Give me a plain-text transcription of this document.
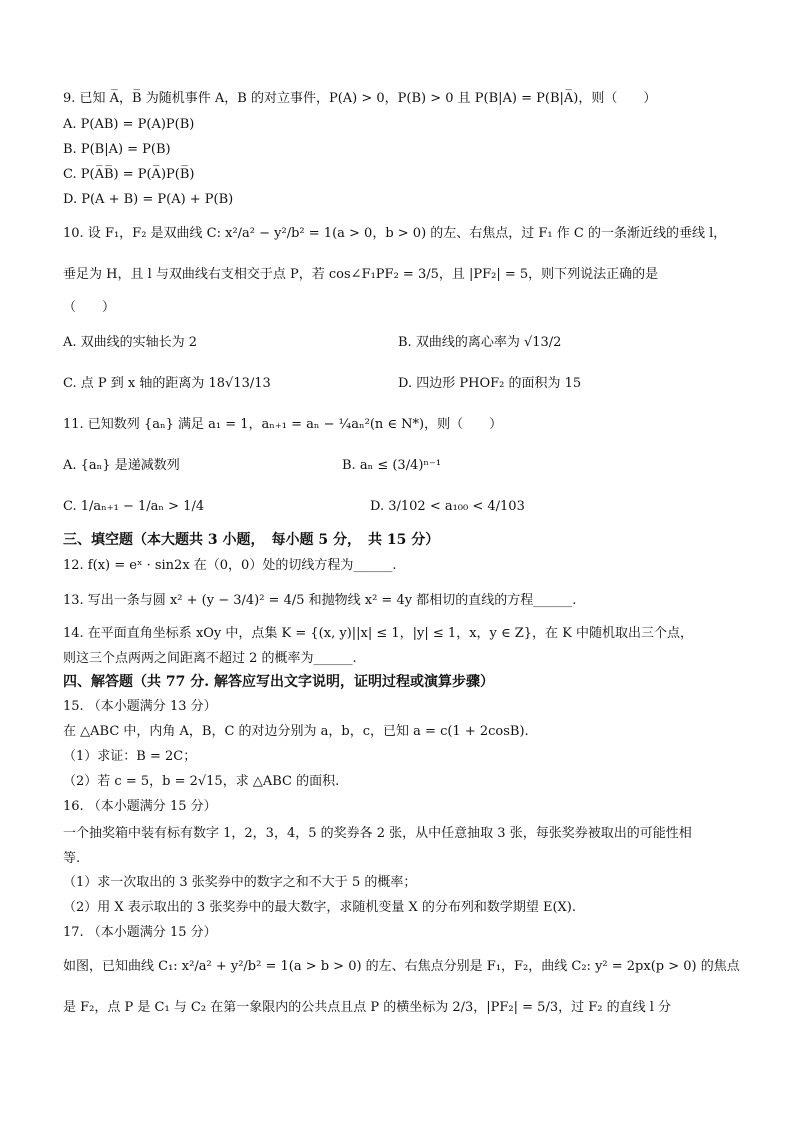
9. 已知 A̅，B̅ 为随机事件 A，B 的对立事件，P(A) > 0，P(B) > 0 且 P(B|A) = P(B|A̅)，则（　　）
A. P(AB) = P(A)P(B)
B. P(B|A) = P(B)
C. P(A̅B̅) = P(A̅)P(B̅)
D. P(A + B) = P(A) + P(B)
10. 设 F₁，F₂ 是双曲线 C: x²/a² − y²/b² = 1(a > 0，b > 0) 的左、右焦点，过 F₁ 作 C 的一条渐近线的垂线 l，
垂足为 H，且 l 与双曲线右支相交于点 P，若 cos∠F₁PF₂ = 3/5，且 |PF₂| = 5，则下列说法正确的是
（　　）
A. 双曲线的实轴长为 2	B. 双曲线的离心率为 √13/2
C. 点 P 到 x 轴的距离为 18√13/13	D. 四边形 PHOF₂ 的面积为 15
11. 已知数列 {aₙ} 满足 a₁ = 1，aₙ₊₁ = aₙ − ¼aₙ²(n ∈ N*)，则（　　）
A. {aₙ} 是递减数列	B. aₙ ≤ (3/4)ⁿ⁻¹
C. 1/aₙ₊₁ − 1/aₙ > 1/4	D. 3/102 < a₁₀₀ < 4/103
三、填空题（本大题共 3 小题，　每小题 5 分，　共 15 分）
12. f(x) = eˣ · sin2x 在（0，0）处的切线方程为______.
13. 写出一条与圆 x² + (y − 3/4)² = 4/5 和抛物线 x² = 4y 都相切的直线的方程______.
14. 在平面直角坐标系 xOy 中，点集 K = {(x, y)||x| ≤ 1，|y| ≤ 1，x，y ∈ Z}，在 K 中随机取出三个点，
则这三个点两两之间距离不超过 2 的概率为______.
四、解答题（共 77 分. 解答应写出文字说明，证明过程或演算步骤）
15. （本小题满分 13 分）
在 △ABC 中，内角 A，B，C 的对边分别为 a，b，c，已知 a = c(1 + 2cosB).
（1）求证：B = 2C；
（2）若 c = 5，b = 2√15，求 △ABC 的面积.
16. （本小题满分 15 分）
一个抽奖箱中装有标有数字 1，2，3，4，5 的奖券各 2 张，从中任意抽取 3 张，每张奖券被取出的可能性相
等.
（1）求一次取出的 3 张奖券中的数字之和不大于 5 的概率；
（2）用 X 表示取出的 3 张奖券中的最大数字，求随机变量 X 的分布列和数学期望 E(X).
17. （本小题满分 15 分）
如图，已知曲线 C₁: x²/a² + y²/b² = 1(a > b > 0) 的左、右焦点分别是 F₁，F₂，曲线 C₂: y² = 2px(p > 0) 的焦点
是 F₂，点 P 是 C₁ 与 C₂ 在第一象限内的公共点且点 P 的横坐标为 2/3，|PF₂| = 5/3，过 F₂ 的直线 l 分
